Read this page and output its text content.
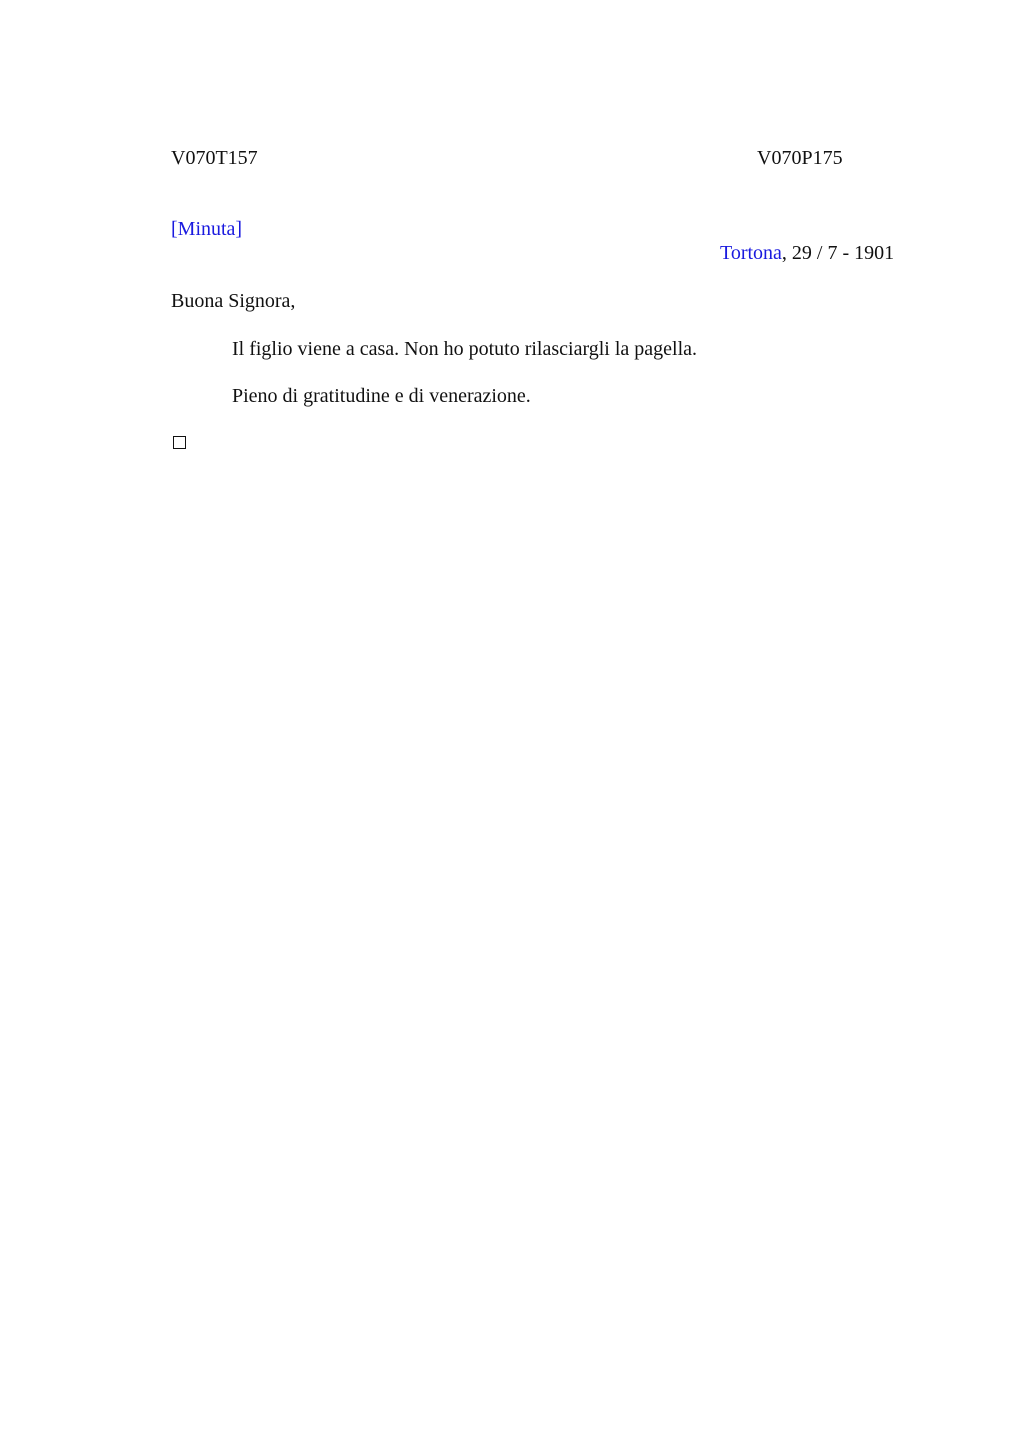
V070T157	V070P175
[Minuta]
Tortona, 29 / 7 - 1901
Buona Signora,
Il figlio viene a casa. Non ho potuto rilasciargli la pagella.
Pieno di gratitudine e di venerazione.
